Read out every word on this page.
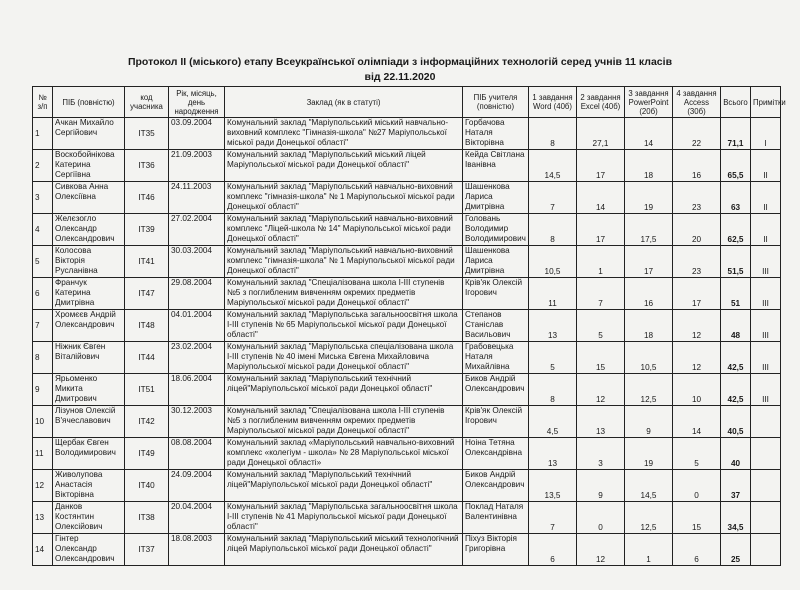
Протокол ІІ (міського) етапу Всеукраїнської олімпіади з інформаційних технологій серед учнів 11 класів
від 22.11.2020
№ з/п	ПІБ (повністю)	код учасника	Рік, місяць, день народження	Заклад (як в статуті)	ПІБ учителя (повністю)	1 завдання Word (40б)	2 завдання Excel (40б)	3 завдання PowerPoint (20б)	4 завдання Access (30б)	Всього	Примітки

1	Ачкан Михайло Сергійович	ІТ35	03.09.2004	Комунальний заклад "Маріупольський міський навчально-виховний комплекс "Гімназія-школа" №27 Маріупольської міської ради Донецької області"	Горбачова Наталя Вікторівна	8	27,1	14	22	71,1	I

2	Воскобойнікова Катерина Сергіївна	ІТ36	21.09.2003	Комунальний заклад "Маріупольський міський ліцей Маріупольської міської ради Донецької області"	Кейда Світлана Іванівна	14,5	17	18	16	65,5	II

3	Сивкова Анна Олексіївна	ІТ46	24.11.2003	Комунальний заклад "Маріупольський навчально-виховний комплекс "гімназія-школа" № 1 Маріупольської міської ради Донецької області"	Шашенкова Лариса Дмитрівна	7	14	19	23	63	II

4	Желєзогло Олександр Олександрович	ІТ39	27.02.2004	Комунальний заклад "Маріупольський навчально-виховний комплекс "Ліцей-школа № 14" Маріупольської міської ради Донецької області"	Головань Володимир Володимирович	8	17	17,5	20	62,5	II

5	Колосова Вікторія Русланівна	ІТ41	30.03.2004	Комунальний заклад "Маріупольський навчально-виховний комплекс "гімназія-школа" № 1 Маріупольської міської ради Донецької області"	Шашенкова Лариса Дмитрівна	10,5	1	17	23	51,5	III

6	Франчук Катерина Дмитрівна	ІТ47	29.08.2004	Комунальний заклад "Спеціалізована школа І-ІІІ ступенів №5 з поглибленим вивченням окремих предметів Маріупольської міської ради Донецької області"	Крів'як Олексій Ігорович	11	7	16	17	51	III

7	Хромєєв Андрій Олександрович	ІТ48	04.01.2004	Комунальний заклад "Маріупольська загальноосвітня школа І-ІІІ ступенів № 65 Маріупольської міської ради Донецької області"	Степанов Станіслав Васильович	13	5	18	12	48	III

8	Ніжник Євген Віталійович	ІТ44	23.02.2004	Комунальний заклад "Маріупольська спеціалізована школа І-ІІІ ступенів № 40 імені Миська Євгена Михайловича Маріупольської міської ради Донецької області"	Грабовецька Наталя Михайлівна	5	15	10,5	12	42,5	III

9	Ярьоменко Микита Дмитрович	ІТ51	18.06.2004	Комунальний заклад "Маріупольський технічний ліцей"Маріупольської міської ради Донецької області"	Биков Андрій Олександрович	8	12	12,5	10	42,5	III

10	Лізунов Олексій В'ячеславович	ІТ42	30.12.2003	Комунальний заклад "Спеціалізована школа І-ІІІ ступенів №5 з поглибленим вивченням окремих предметів Маріупольської міської ради Донецької області"	Крів'як Олексій Ігорович	4,5	13	9	14	40,5	

11	Щербак Євген Володимирович	ІТ49	08.08.2004	Комунальний заклад «Маріупольський навчально-виховний комплекс «колегіум - школа» № 28 Маріупольської міської ради Донецької області»	Ноіна Тетяна Олександрівна	13	3	19	5	40	

12	Живолупова Анастасія Вікторівна	ІТ40	24.09.2004	Комунальний заклад "Маріупольський технічний ліцей"Маріупольської міської ради Донецької області"	Биков Андрій Олександрович	13,5	9	14,5	0	37	

13	Данков Костянтин Олексійович	ІТ38	20.04.2004	Комунальний заклад "Маріупольська загальноосвітня школа І-ІІІ ступенів № 41 Маріупольської міської ради Донецької області"	Поклад Наталя Валентинівна	7	0	12,5	15	34,5	

14	Гінтер Олександр Олександрович	ІТ37	18.08.2003	Комунальний заклад "Маріупольський міський технологічний ліцей Маріупольської міської ради Донецької області"	Піхуз Вікторія Григорівна	6	12	1	6	25	
